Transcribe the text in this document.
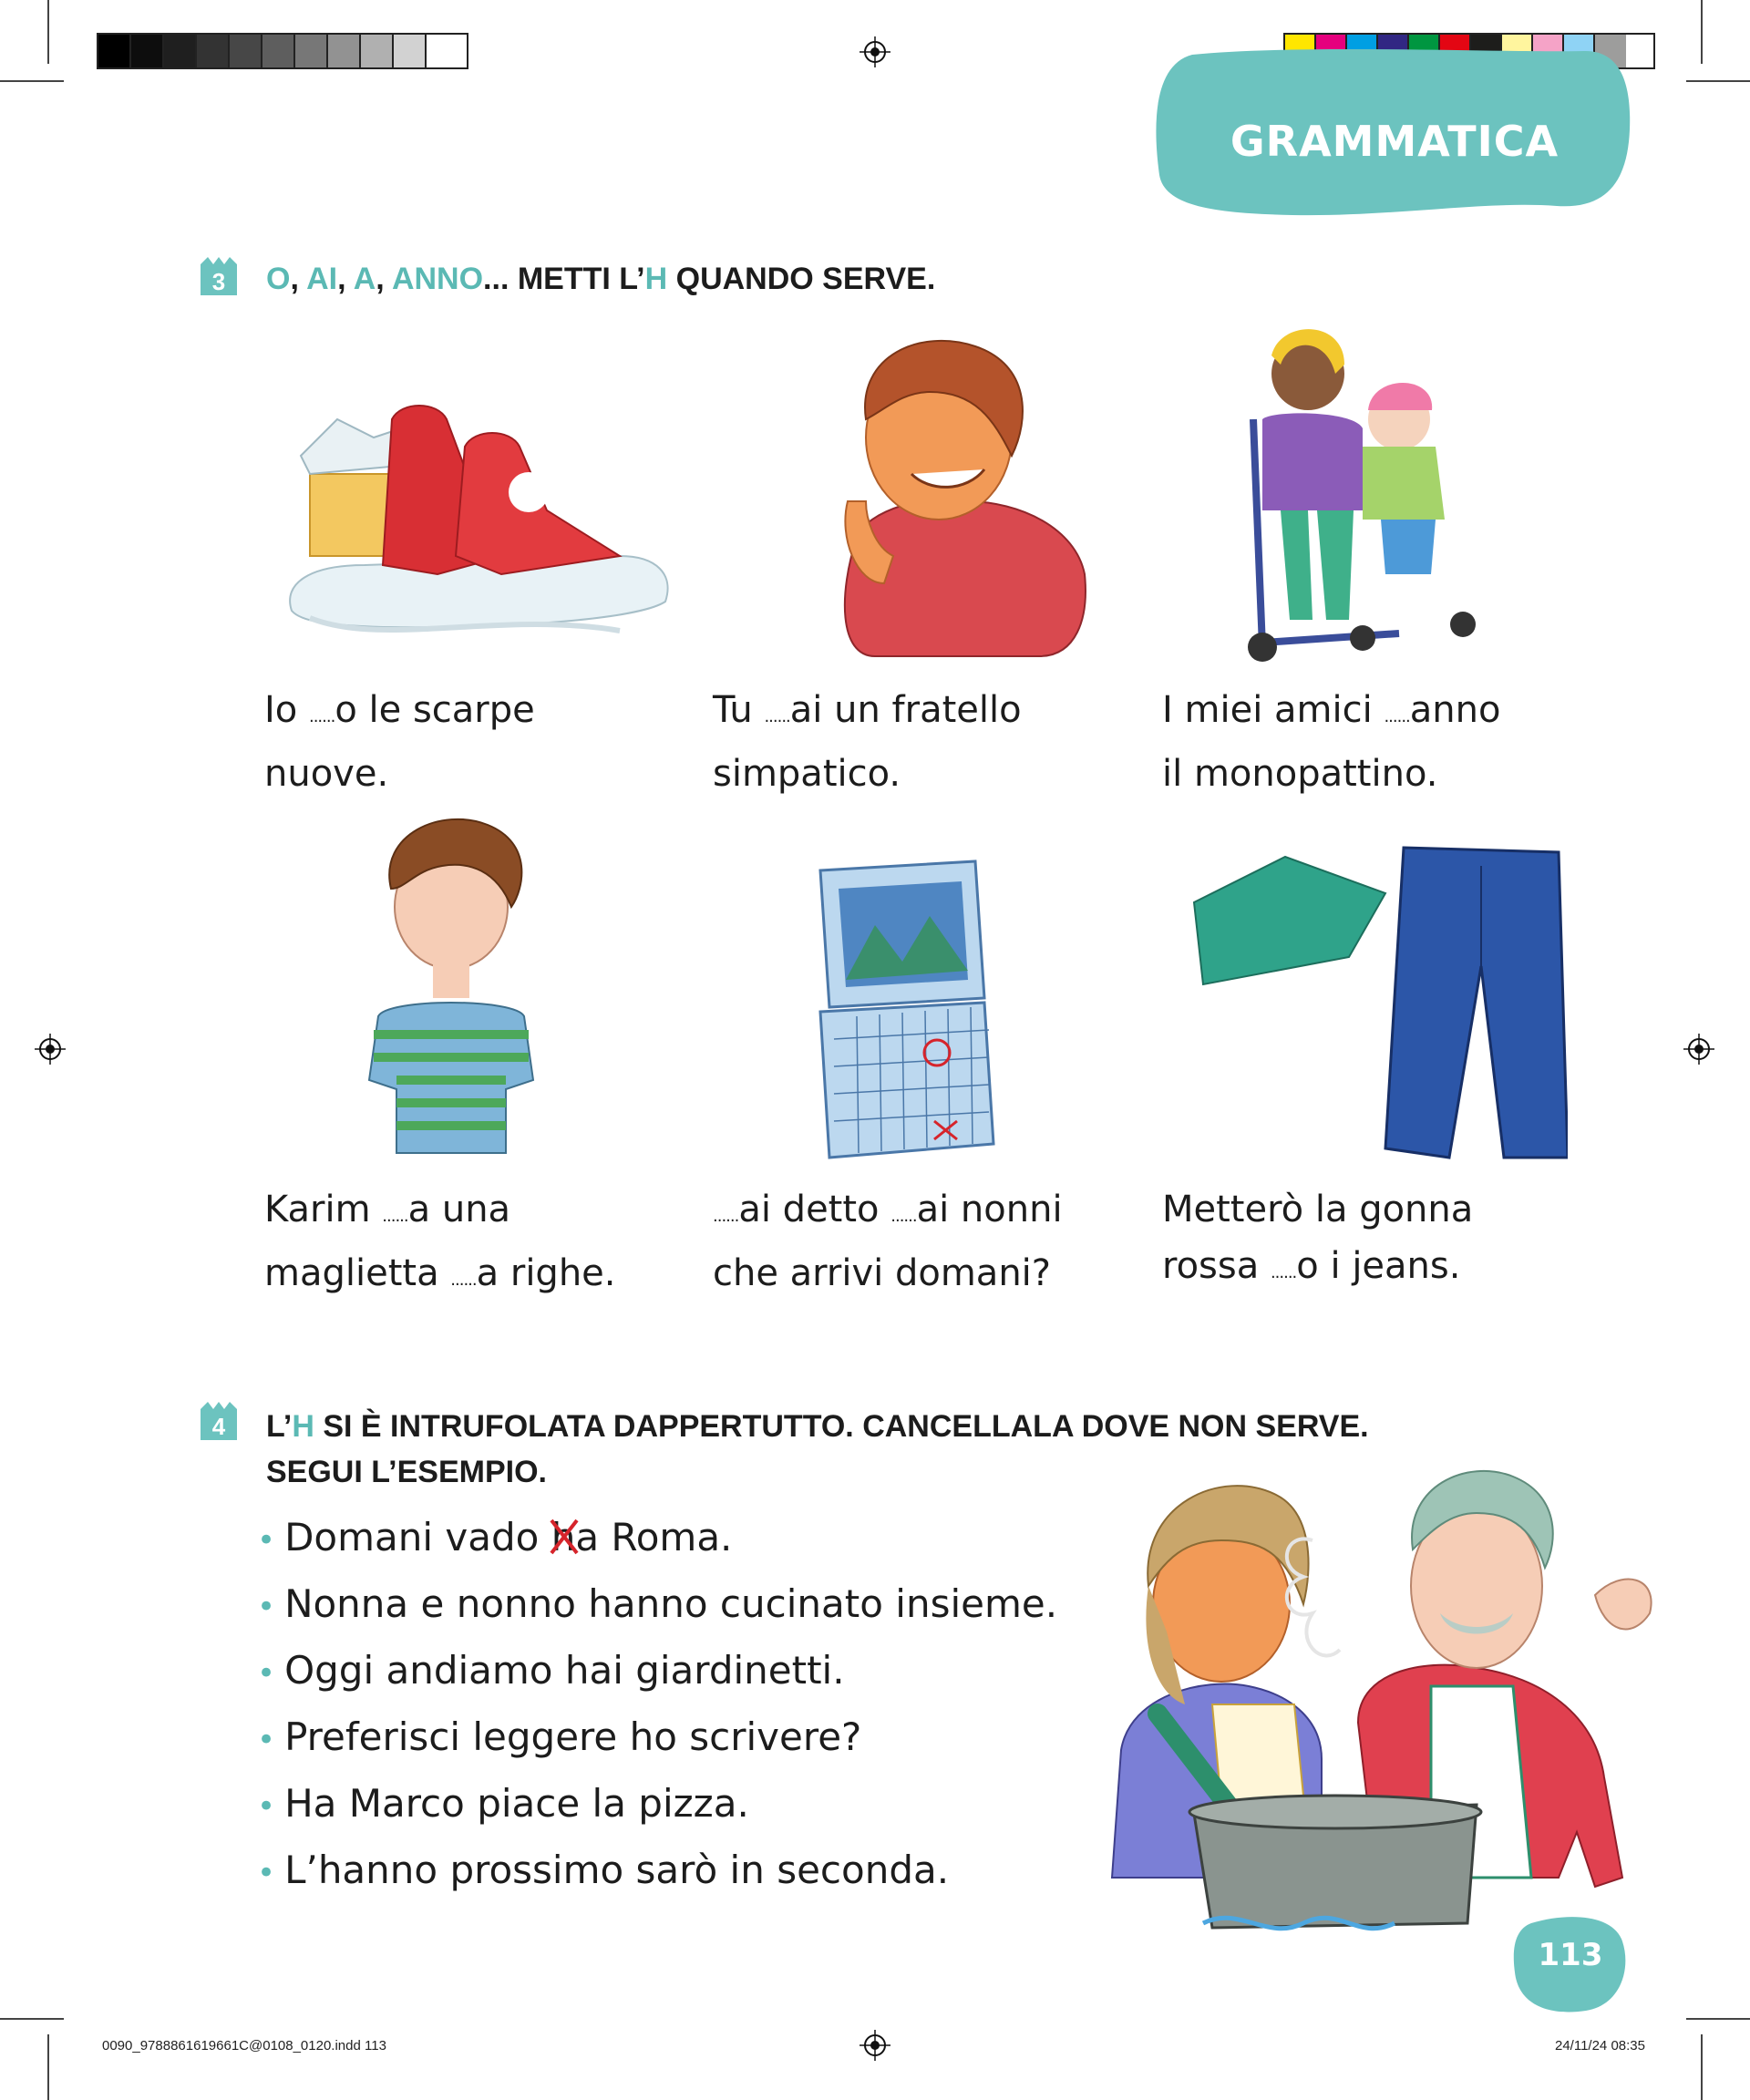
GRAMMATICA
3 O, AI, A, ANNO... METTI L’H QUANDO SERVE.
Io ......o le scarpe
nuove.
Tu ......ai un fratello
simpatico.
I miei amici ......anno
il monopattino.
Karim ......a una
maglietta ......a righe.
......ai detto ......ai nonni
che arrivi domani?
Metterò la gonna
rossa ......o i jeans.
4 L’H SI È INTRUFOLATA DAPPERTUTTO. CANCELLALA DOVE NON SERVE.
SEGUI L’ESEMPIO.
• Domani vado h
a Roma.
• Nonna e nonno hanno cucinato insieme.
• Oggi andiamo hai giardinetti.
• Preferisci leggere ho scrivere?
• Ha Marco piace la pizza.
• L’hanno prossimo sarò in seconda.
113
0090_9788861619661C@0108_0120.indd 113	24/11/24 08:35
